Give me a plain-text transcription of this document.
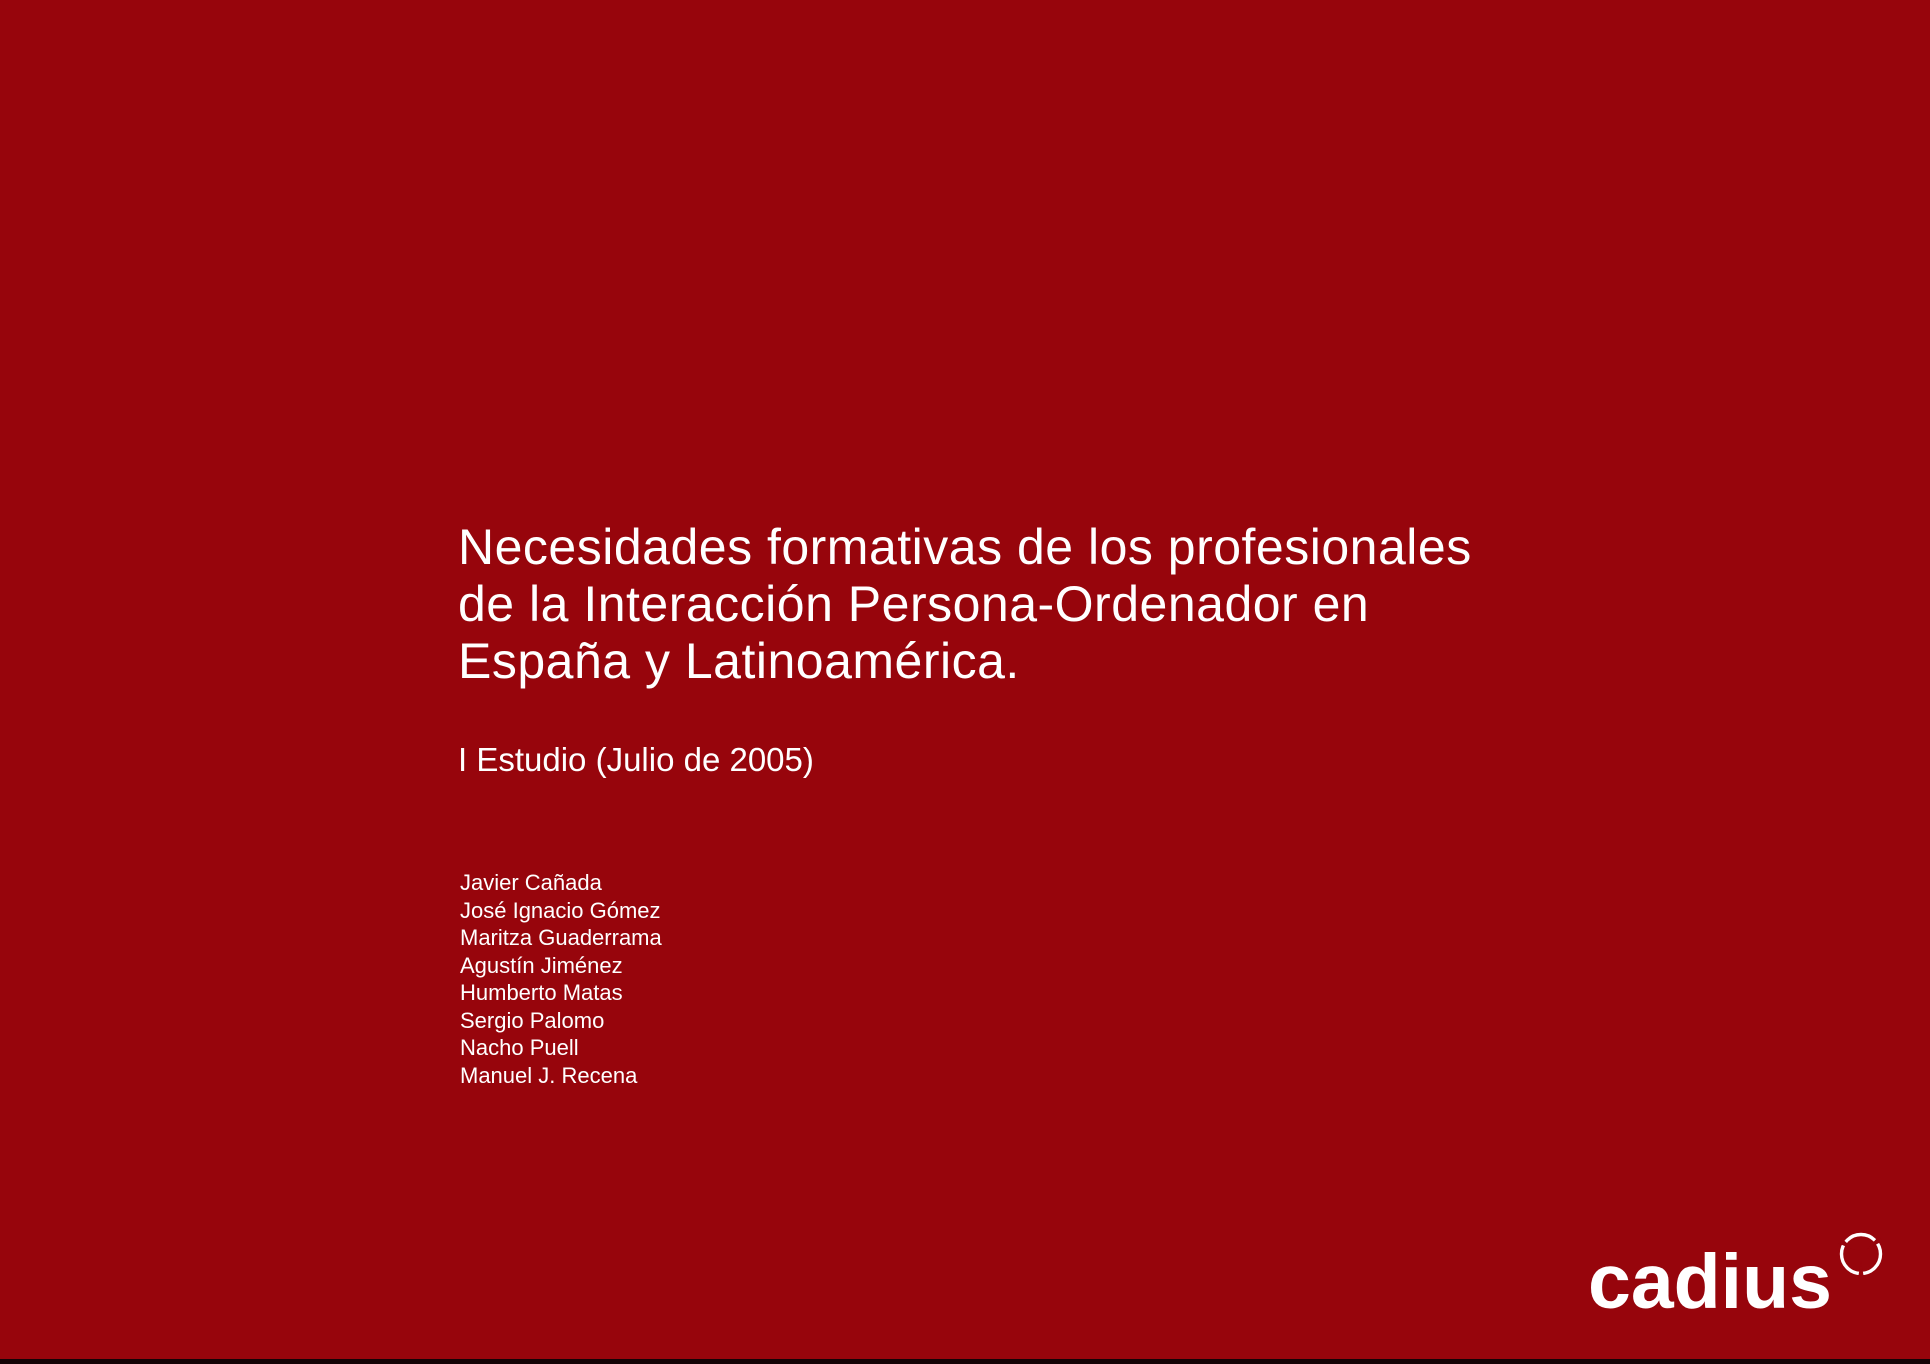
Necesidades formativas de los profesionales
de la Interacción Persona-Ordenador en
España y Latinoamérica.
I Estudio (Julio de 2005)
Javier Cañada
José Ignacio Gómez
Maritza Guaderrama
Agustín Jiménez
Humberto Matas
Sergio Palomo
Nacho Puell
Manuel J. Recena
cadius
